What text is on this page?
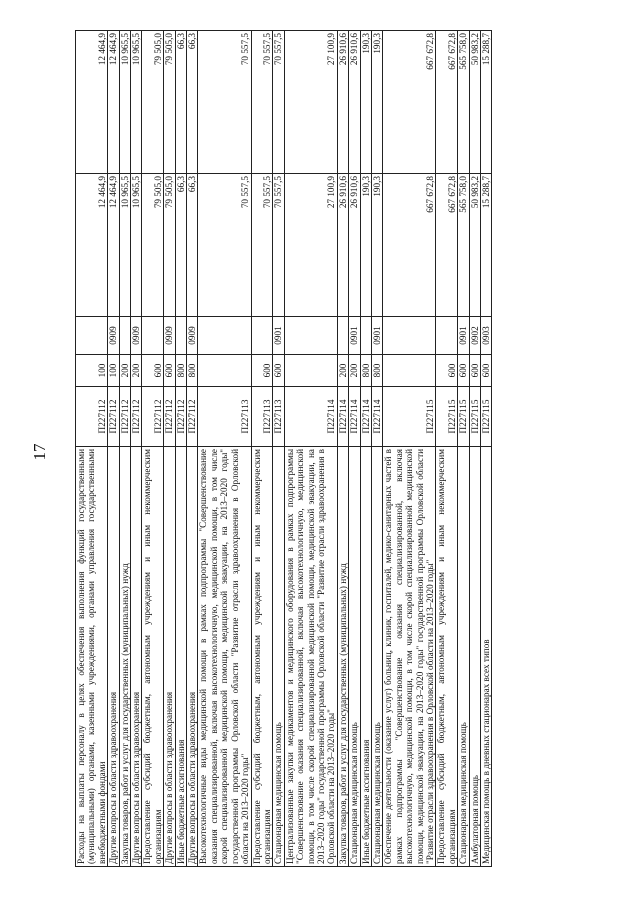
17	Расходы на выплаты персоналу в целях обеспечения выполнения функций государственными (муниципальными) органами, казенными учреждениями, органами управления государственными внебюджетными фондами	П227112	100		12 464,9	12 464,9
Другие вопросы в области здравоохранения	П227112	100	0909	12 464,9	12 464,9
Закупка товаров, работ и услуг для государственных (муниципальных) нужд	П227112	200		10 965,5	10 965,5
Другие вопросы в области здравоохранения	П227112	200	0909	10 965,5	10 965,5
Предоставление субсидий бюджетным, автономным учреждениям и иным некоммерческим организациям	П227112	600		79 505,0	79 505,0
Другие вопросы в области здравоохранения	П227112	600	0909	79 505,0	79 505,0
Иные бюджетные ассигнования	П227112	800		66,3	66,3
Другие вопросы в области здравоохранения	П227112	800	0909	66,3	66,3
Высокотехнологичные виды медицинской помощи в рамках подпрограммы "Совершенствование оказания специализированной, включая высокотехнологичную, медицинской помощи, в том числе скорой специализированной медицинской помощи, медицинской эвакуации, на 2013–2020 годы" государственной программы Орловской области "Развитие отрасли здравоохранения в Орловской области на 2013–2020 годы"	П227113			70 557,5	70 557,5
Предоставление субсидий бюджетным, автономным учреждениям и иным некоммерческим организациям	П227113	600		70 557,5	70 557,5
Стационарная медицинская помощь	П227113	600	0901	70 557,5	70 557,5
Централизованные закупки медикаментов и медицинского оборудования в рамках подпрограммы "Совершенствование оказания специализированной, включая высокотехнологичную, медицинской помощи, в том числе скорой специализированной медицинской помощи, медицинской эвакуации, на 2013–2020 годы" государственной программы Орловской области "Развитие отрасли здравоохранения в Орловской области на 2013–2020 годы"	П227114			27 100,9	27 100,9
Закупка товаров, работ и услуг для государственных (муниципальных) нужд	П227114	200		26 910,6	26 910,6
Стационарная медицинская помощь	П227114	200	0901	26 910,6	26 910,6
Иные бюджетные ассигнования	П227114	800		190,3	190,3
Стационарная медицинская помощь	П227114	800	0901	190,3	190,3
Обеспечение деятельности (оказание услуг) больниц, клиник, госпиталей, медико-санитарных частей в рамках подпрограммы "Совершенствование оказания специализированной, включая высокотехнологичную, медицинской помощи, в том числе скорой специализированной медицинской помощи, медицинской эвакуации, на 2013–2020 годы" государственной программы Орловской области "Развитие отрасли здравоохранения в Орловской области на 2013–2020 годы"	П227115			667 672,8	667 672,8
Предоставление субсидий бюджетным, автономным учреждениям и иным некоммерческим организациям	П227115	600		667 672,8	667 672,8
Стационарная медицинская помощь	П227115	600	0901	565 758,0	565 758,0
Амбулаторная помощь	П227115	600	0902	50 983,2	50 983,2
Медицинская помощь в дневных стационарах всех типов	П227115	600	0903	15 288,7	15 288,7
